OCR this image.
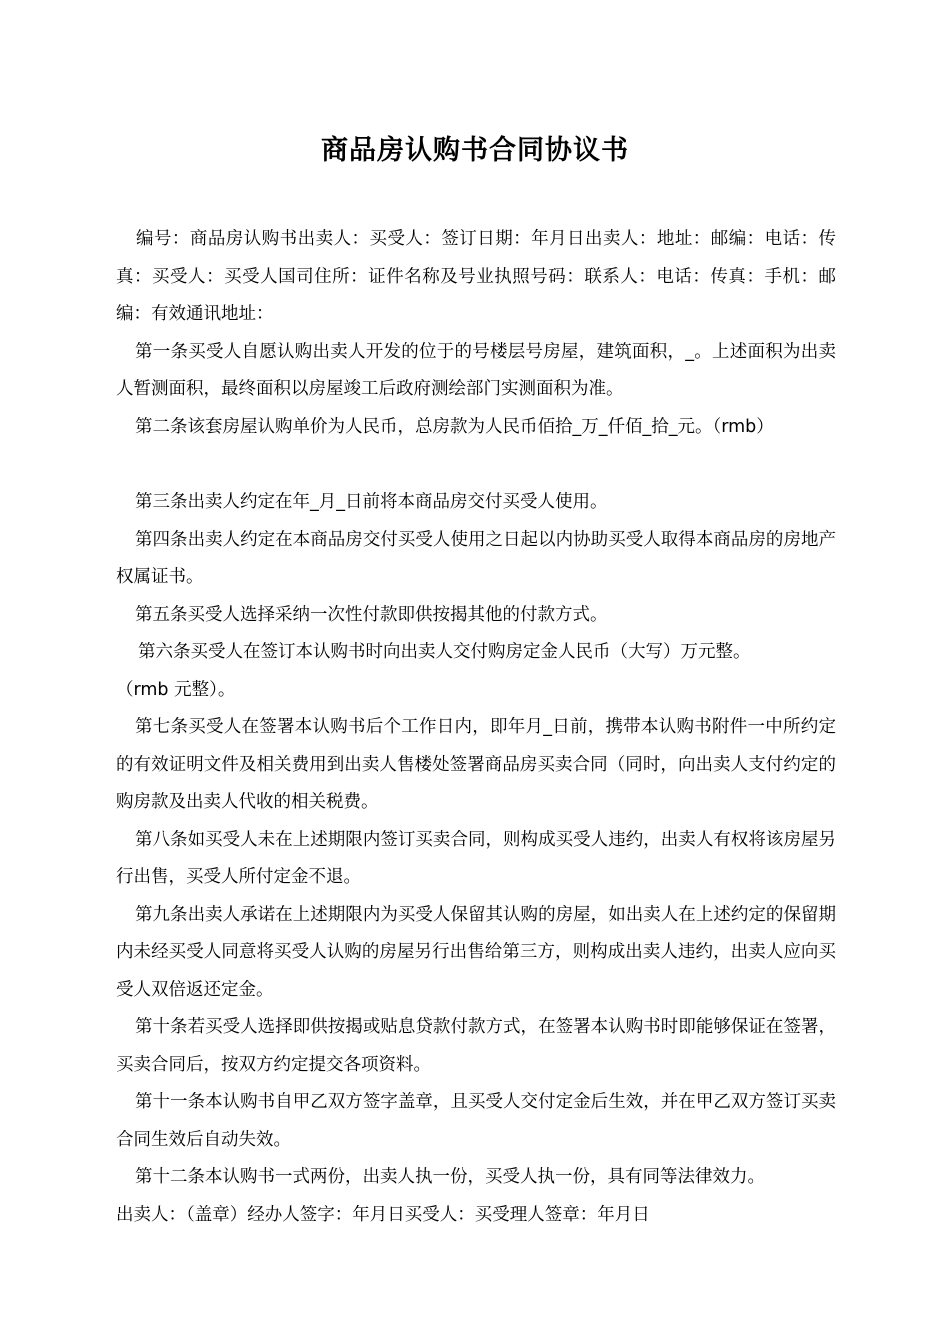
商品房认购书合同协议书

编号：商品房认购书出卖人：买受人：签订日期：年月日出卖人：地址：邮编：电话：传真：买受人：买受人国司住所：证件名称及号业执照号码：联系人：电话：传真：手机：邮编：有效通讯地址：

第一条买受人自愿认购出卖人开发的位于的号楼层号房屋，建筑面积，_。上述面积为出卖人暂测面积，最终面积以房屋竣工后政府测绘部门实测面积为准。

第二条该套房屋认购单价为人民币，总房款为人民币佰拾_万_仟佰_拾_元。（rmb）

第三条出卖人约定在年_月_日前将本商品房交付买受人使用。

第四条出卖人约定在本商品房交付买受人使用之日起以内协助买受人取得本商品房的房地产权属证书。

第五条买受人选择采纳一次性付款即供按揭其他的付款方式。

第六条买受人在签订本认购书时向出卖人交付购房定金人民币（大写）万元整。

（rmb 元整）。

第七条买受人在签署本认购书后个工作日内，即年月_日前，携带本认购书附件一中所约定的有效证明文件及相关费用到出卖人售楼处签署商品房买卖合同（同时，向出卖人支付约定的购房款及出卖人代收的相关税费。

第八条如买受人未在上述期限内签订买卖合同，则构成买受人违约，出卖人有权将该房屋另行出售，买受人所付定金不退。

第九条出卖人承诺在上述期限内为买受人保留其认购的房屋，如出卖人在上述约定的保留期内未经买受人同意将买受人认购的房屋另行出售给第三方，则构成出卖人违约，出卖人应向买受人双倍返还定金。

第十条若买受人选择即供按揭或贴息贷款付款方式，在签署本认购书时即能够保证在签署，买卖合同后，按双方约定提交各项资料。

第十一条本认购书自甲乙双方签字盖章，且买受人交付定金后生效，并在甲乙双方签订买卖合同生效后自动失效。

第十二条本认购书一式两份，出卖人执一份，买受人执一份，具有同等法律效力。

出卖人：（盖章）经办人签字：年月日买受人：买受理人签章：年月日
